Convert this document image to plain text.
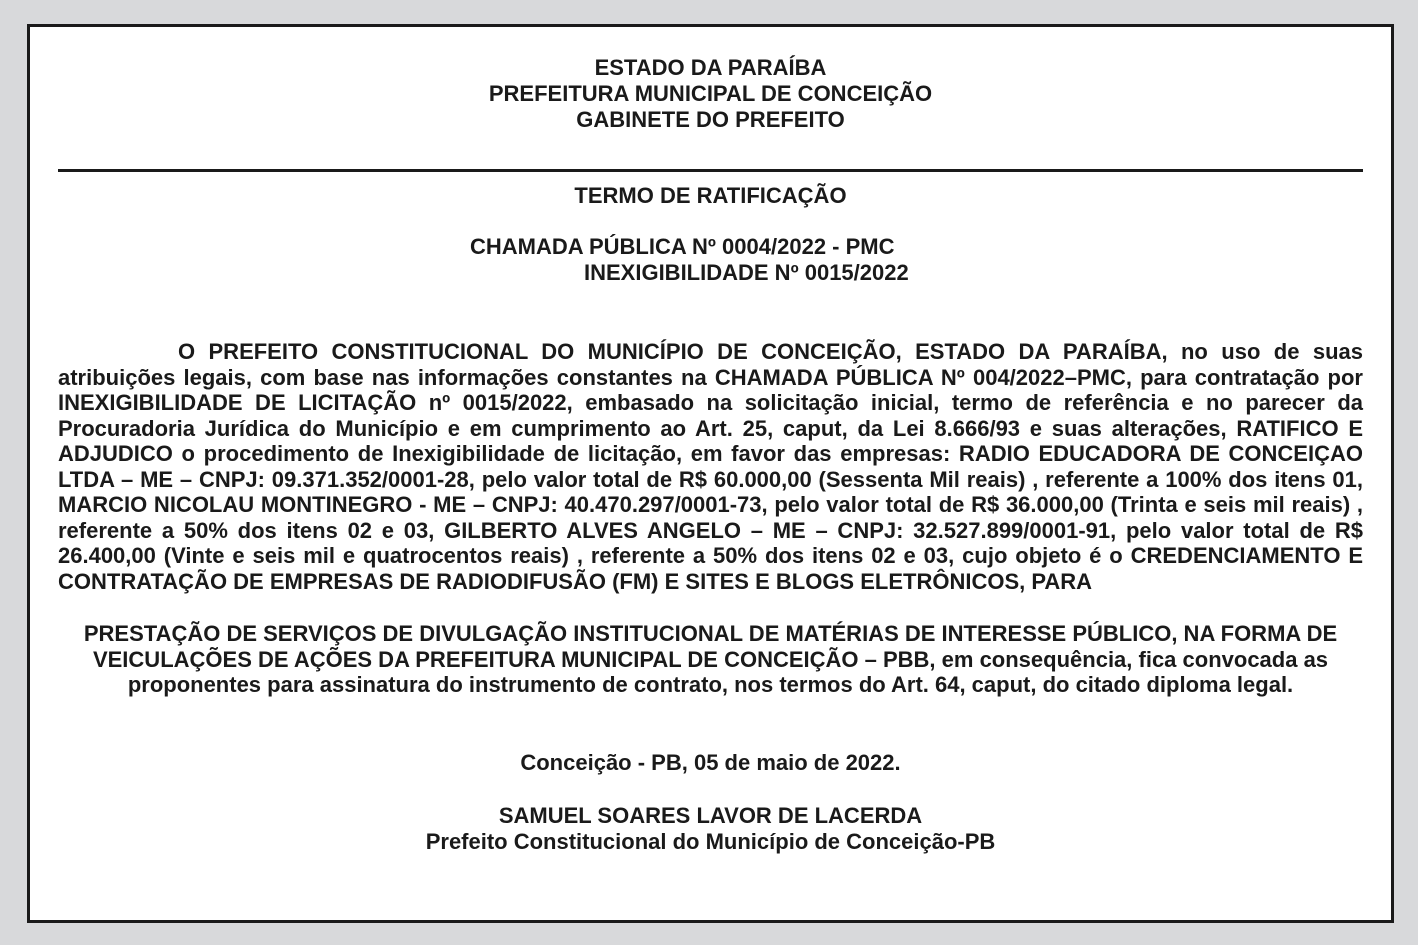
ESTADO DA PARAÍBA
PREFEITURA MUNICIPAL DE CONCEIÇÃO
GABINETE DO PREFEITO
TERMO DE RATIFICAÇÃO
CHAMADA PÚBLICA Nº 0004/2022 - PMC
INEXIGIBILIDADE Nº 0015/2022
O PREFEITO CONSTITUCIONAL DO MUNICÍPIO DE CONCEIÇÃO, ESTADO DA PARAÍBA, no uso de suas atribuições legais, com base nas informações constantes na CHAMADA PÚBLICA Nº 004/2022–PMC, para contratação por INEXIGIBILIDADE DE LICITAÇÃO nº 0015/2022, embasado na solicitação inicial, termo de referência e no parecer da Procuradoria Jurídica do Município e em cumprimento ao Art. 25, caput, da Lei 8.666/93 e suas alterações, RATIFICO E ADJUDICO o procedimento de Inexigibilidade de licitação, em favor das empresas: RADIO EDUCADORA DE CONCEIÇAO LTDA – ME – CNPJ: 09.371.352/0001-28, pelo valor total de R$ 60.000,00 (Sessenta Mil reais) , referente a 100% dos itens 01, MARCIO NICOLAU MONTINEGRO - ME – CNPJ: 40.470.297/0001-73, pelo valor total de R$ 36.000,00 (Trinta e seis mil reais) , referente a 50% dos itens 02 e 03, GILBERTO ALVES ANGELO – ME – CNPJ: 32.527.899/0001-91, pelo valor total de R$ 26.400,00 (Vinte e seis mil e quatrocentos reais) , referente a 50% dos itens 02 e 03, cujo objeto é o CREDENCIAMENTO E CONTRATAÇÃO DE EMPRESAS DE RADIODIFUSÃO (FM) E SITES E BLOGS ELETRÔNICOS, PARA
PRESTAÇÃO DE SERVIÇOS DE DIVULGAÇÃO INSTITUCIONAL DE MATÉRIAS DE INTERESSE PÚBLICO, NA FORMA DE VEICULAÇÕES DE AÇÕES DA PREFEITURA MUNICIPAL DE CONCEIÇÃO – PBB, em consequência, fica convocada as proponentes para assinatura do instrumento de contrato, nos termos do Art. 64, caput, do citado diploma legal.
Conceição - PB, 05 de maio de 2022.
SAMUEL SOARES LAVOR DE LACERDA
Prefeito Constitucional do Município de Conceição-PB
